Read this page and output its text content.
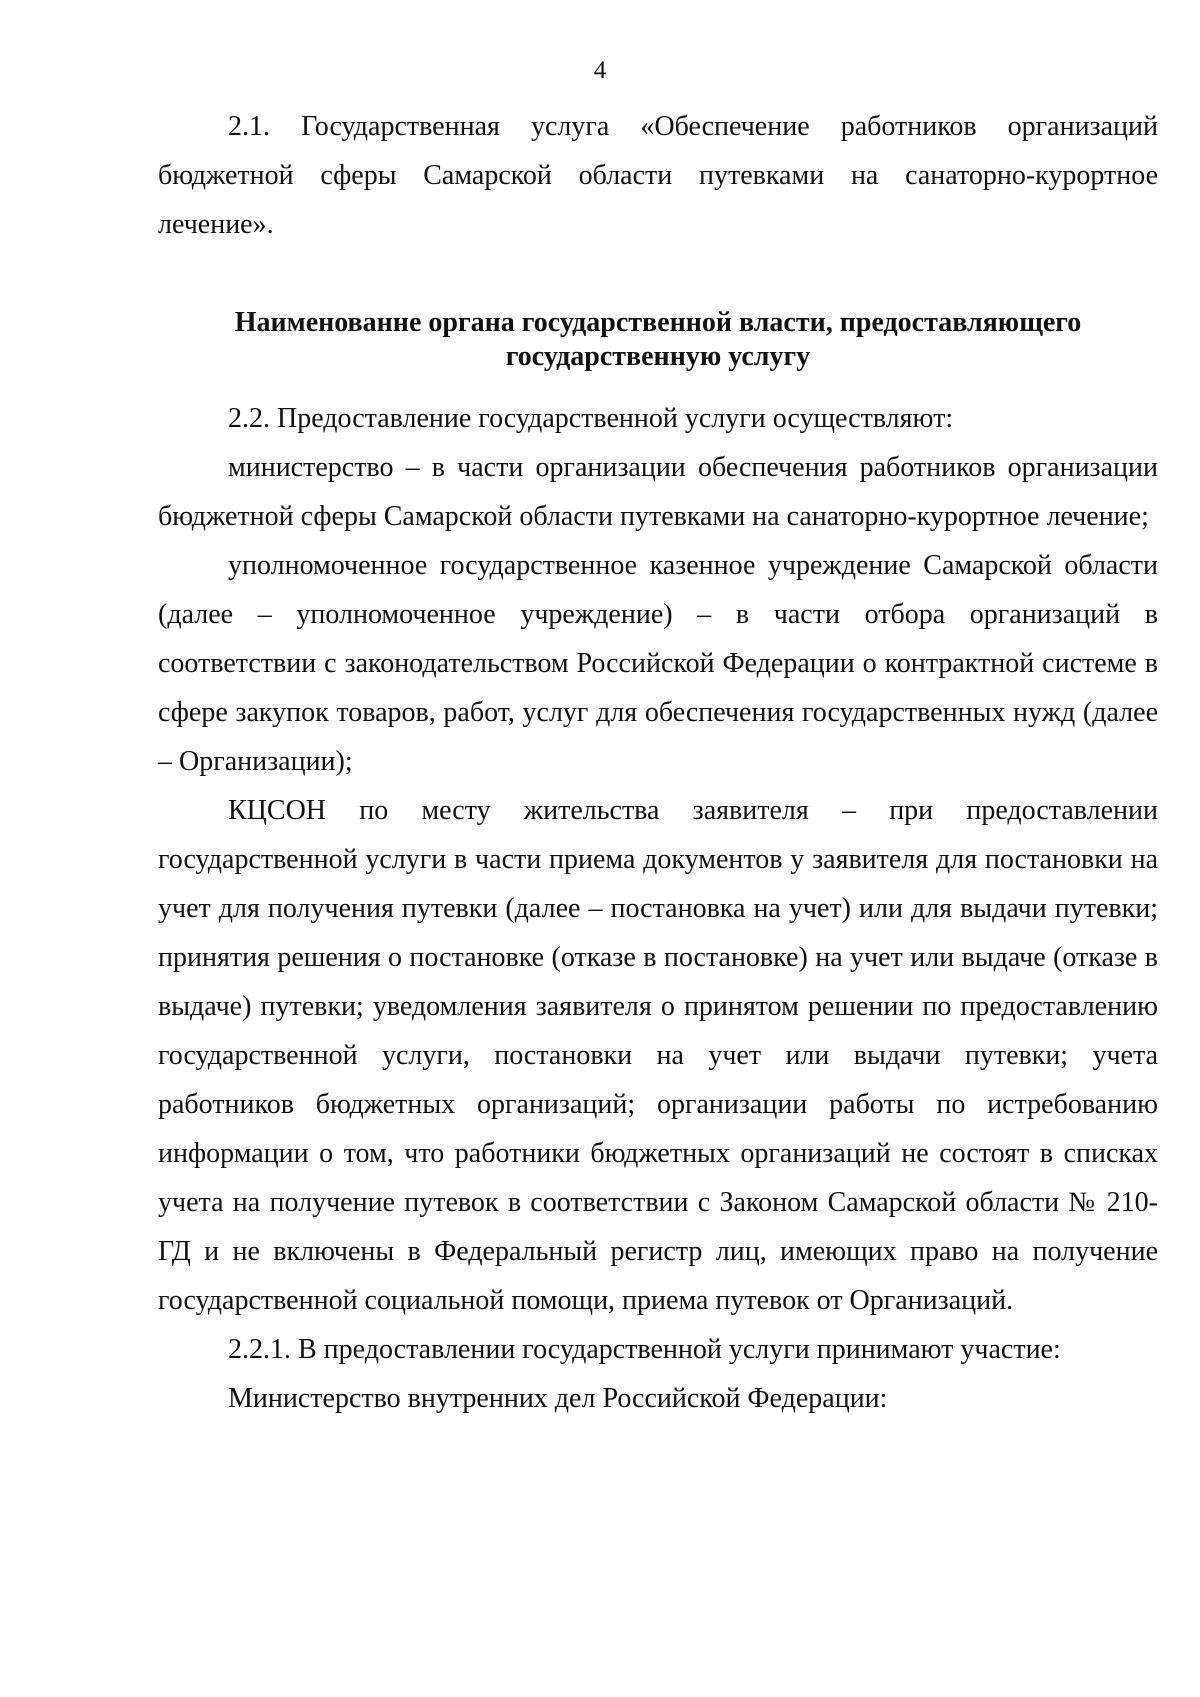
4

2.1. Государственная услуга «Обеспечение работников организаций бюджетной сферы Самарской области путевками на санаторно-курортное лечение».

Наименованне органа государственной власти, предоставляющего государственную услугу

2.2. Предоставление государственной услуги осуществляют:

министерство – в части организации обеспечения работников организации бюджетной сферы Самарской области путевками на санаторно-курортное лечение;

уполномоченное государственное казенное учреждение Самарской области (далее – уполномоченное учреждение) – в части отбора организаций в соответствии с законодательством Российской Федерации о контрактной системе в сфере закупок товаров, работ, услуг для обеспечения государственных нужд (далее – Организации);

КЦСОН по месту жительства заявителя – при предоставлении государственной услуги в части приема документов у заявителя для постановки на учет для получения путевки (далее – постановка на учет) или для выдачи путевки; принятия решения о постановке (отказе в постановке) на учет или выдаче (отказе в выдаче) путевки; уведомления заявителя о принятом решении по предоставлению государственной услуги, постановки на учет или выдачи путевки; учета работников бюджетных организаций; организации работы по истребованию информации о том, что работники бюджетных организаций не состоят в списках учета на получение путевок в соответствии с Законом Самарской области № 210-ГД и не включены в Федеральный регистр лиц, имеющих право на получение государственной социальной помощи, приема путевок от Организаций.

2.2.1. В предоставлении государственной услуги принимают участие:

Министерство внутренних дел Российской Федерации:
